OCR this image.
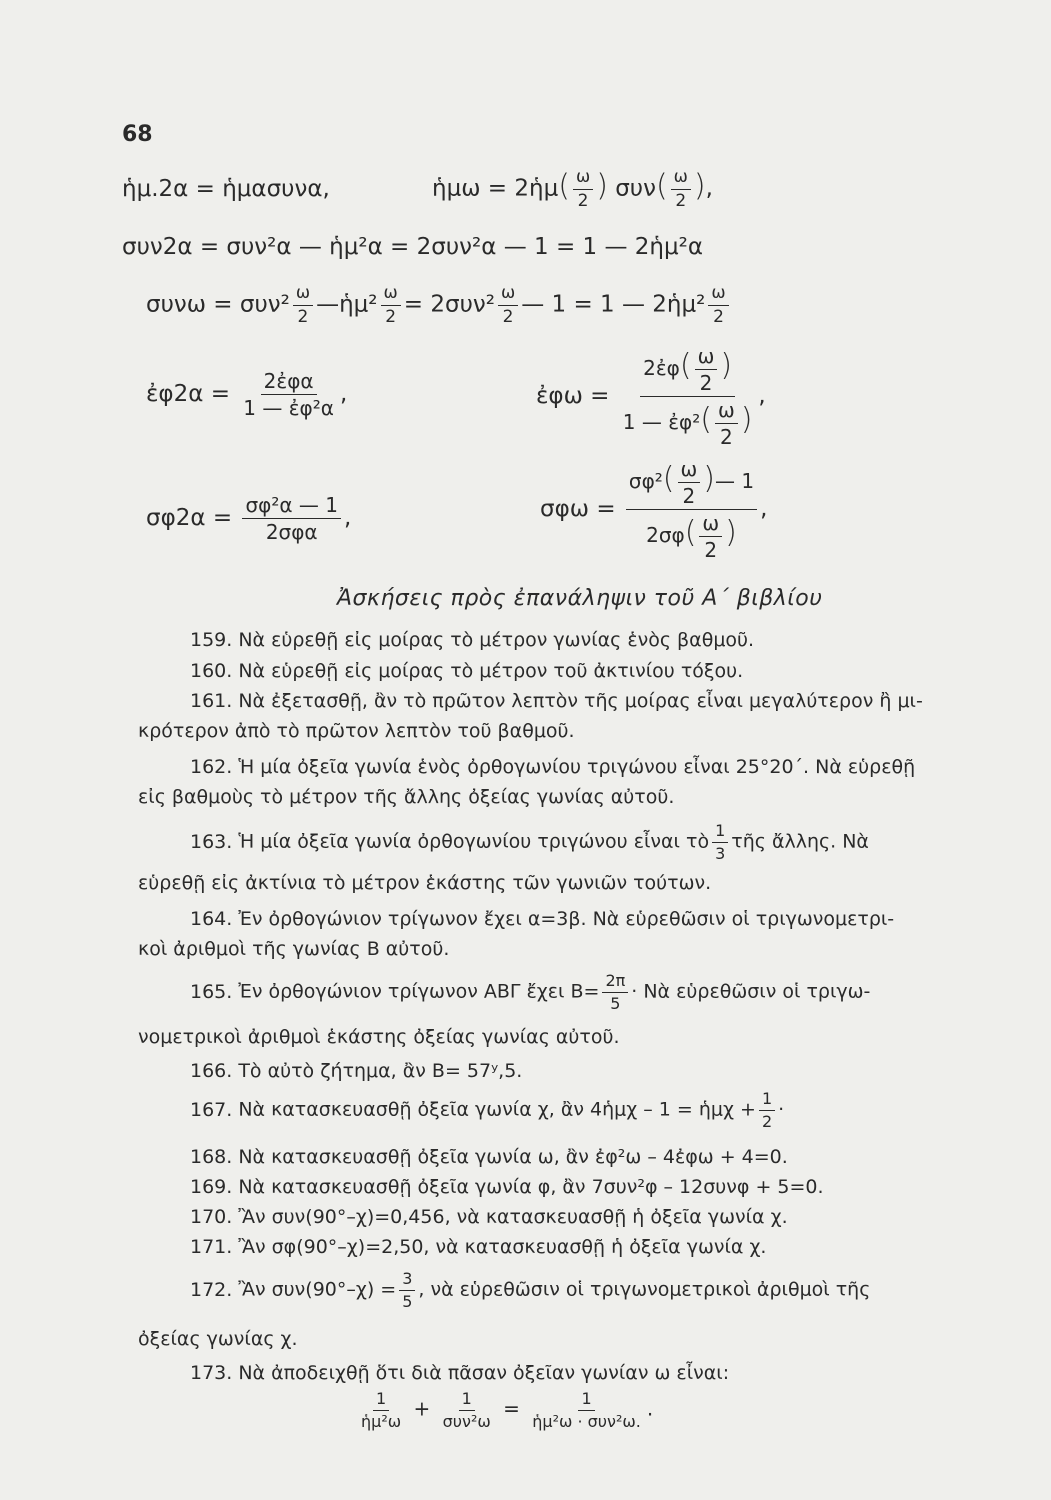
68
ἡμ.2α = ἡμασυνα,	ἡμω = 2ἡμ( $\frac{\omega}{2}$ ) $\sigma\upsilon\nu( \frac{\omega}{2}$ ),
συν2α = συν²α — ἡμ²α = 2συν²α — 1 = 1 — 2ἡμ²α
$\sigma\upsilon\nu\omega = \sigma\upsilon\nu^2 \frac{\omega}{2}$ —ἡμ² $\frac{\omega}{2} = 2\sigma\upsilon\nu^2 \frac{\omega}{2}$ — 1 = 1 — 2ἡμ² $\frac{\omega}{2}$
ἐφ2α = $\frac{\text{2ἐφα}}{\text{1 — ἐφ²α}}$ ,	ἐφω = $\frac{2ἐ\varphi( \frac{\omega}{2} )}{1 — ἐ\varphi^2( \frac{\omega}{2} )}$ ,
$\sigma\varphi 2\alpha = \frac{\text{σφ²α — 1}}{\text{2σφα}}$ ,	$\sigma\varphi\omega = \frac{\sigma\varphi^2( \frac{\omega}{2} )— 1}{2\sigma\varphi( \frac{\omega}{2} )}$ ,
Ἀσκήσεις πρὸς ἐπανάληψιν τοῦ Α΄ βιβλίου
159. Νὰ εὑρεθῇ εἰς μοίρας τὸ μέτρον γωνίας ἑνὸς βαθμοῦ.
160. Νὰ εὑρεθῇ εἰς μοίρας τὸ μέτρον τοῦ ἀκτινίου τόξου.
161. Νὰ ἐξετασθῇ, ἂν τὸ πρῶτον λεπτὸν τῆς μοίρας εἶναι μεγαλύτερον ἢ μι-
κρότερον ἀπὸ τὸ πρῶτον λεπτὸν τοῦ βαθμοῦ.
162. Ἡ μία ὀξεῖα γωνία ἑνὸς ὀρθογωνίου τριγώνου εἶναι 25°20΄. Νὰ εὑρεθῇ
εἰς βαθμοὺς τὸ μέτρον τῆς ἄλλης ὀξείας γωνίας αὐτοῦ.
163. Ἡ μία ὀξεῖα γωνία ὀρθογωνίου τριγώνου εἶναι τὸ $\frac{1}{3}$ τῆς ἄλλης. Νὰ
εὑρεθῇ εἰς ἀκτίνια τὸ μέτρον ἑκάστης τῶν γωνιῶν τούτων.
164. Ἐν ὀρθογώνιον τρίγωνον ἔχει α=3β. Νὰ εὑρεθῶσιν οἱ τριγωνομετρι-
κοὶ ἀριθμοὶ τῆς γωνίας Β αὐτοῦ.
165. Ἐν ὀρθογώνιον τρίγωνον ΑΒΓ ἔχει $B= \frac{2\pi}{5}$ · Νὰ εὑρεθῶσιν οἱ τριγω-
νομετρικοὶ ἀριθμοὶ ἑκάστης ὀξείας γωνίας αὐτοῦ.
166. Τὸ αὐτὸ ζήτημα, ἂν Β= 57ʸ,5.
167. Νὰ κατασκευασθῇ ὀξεῖα γωνία χ, ἂν 4ἡμχ – 1 = ἡμχ + $\frac{1}{2}$ ·
168. Νὰ κατασκευασθῇ ὀξεῖα γωνία ω, ἂν ἐφ²ω – 4ἐφω + 4=0.
169. Νὰ κατασκευασθῇ ὀξεῖα γωνία φ, ἂν 7συν²φ – 12συνφ + 5=0.
170. Ἂν συν(90°–χ)=0,456, νὰ κατασκευασθῇ ἡ ὀξεῖα γωνία χ.
171. Ἂν σφ(90°–χ)=2,50, νὰ κατασκευασθῇ ἡ ὀξεῖα γωνία χ.
172. Ἂν $\sigma\upsilon\nu(90^\circ-\chi) = \frac{3}{5}$ , νὰ εὑρεθῶσιν οἱ τριγωνομετρικοὶ ἀριθμοὶ τῆς
ὀξείας γωνίας χ.
173. Νὰ ἀποδειχθῇ ὅτι διὰ πᾶσαν ὀξεῖαν γωνίαν ω εἶναι:
$\frac{1}{\text{ἡμ²ω}} + \frac{1}{\text{συν²ω}} = \frac{1}{\text{ἡμ²ω · συν²ω.}}$ .
